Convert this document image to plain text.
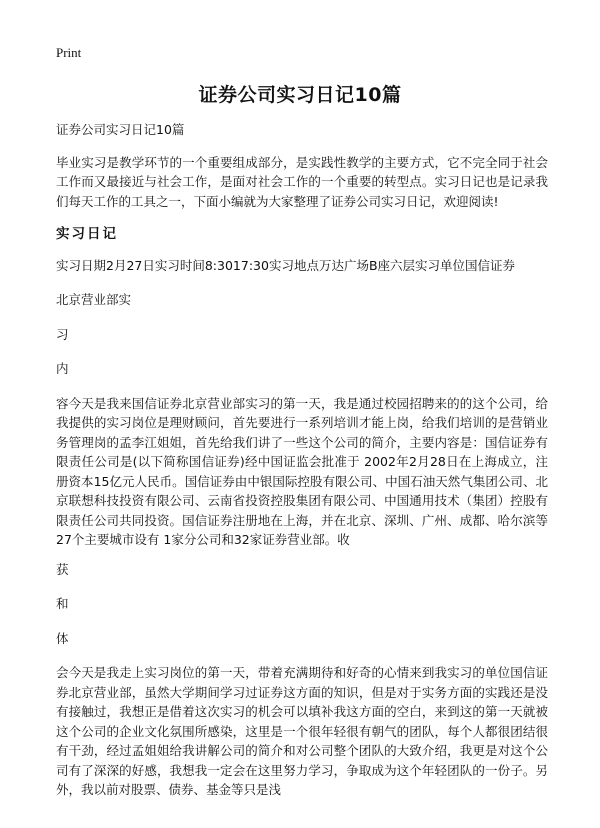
Print
证券公司实习日记10篇

证券公司实习日记10篇

毕业实习是教学环节的一个重要组成部分，是实践性教学的主要方式，它不完全同于社会工作而又最接近与社会工作，是面对社会工作的一个重要的转型点。实习日记也是记录我们每天工作的工具之一，下面小编就为大家整理了证券公司实习日记，欢迎阅读!

实习日记

实习日期2月27日实习时间8:3017:30实习地点万达广场B座六层实习单位国信证券

北京营业部实

习

内

容今天是我来国信证券北京营业部实习的第一天，我是通过校园招聘来的的这个公司，给我提供的实习岗位是理财顾问，首先要进行一系列培训才能上岗，给我们培训的是营销业务管理岗的孟李江姐姐，首先给我们讲了一些这个公司的简介，主要内容是：国信证券有限责任公司是(以下简称国信证券)经中国证监会批准于 2002年2月28日在上海成立，注册资本15亿元人民币。国信证券由中银国际控股有限公司、中国石油天然气集团公司、北京联想科技投资有限公司、云南省投资控股集团有限公司、中国通用技术（集团）控股有限责任公司共同投资。国信证券注册地在上海，并在北京、深圳、广州、成都、哈尔滨等27个主要城市设有 1家分公司和32家证券营业部。收

获

和

体

会今天是我走上实习岗位的第一天，带着充满期待和好奇的心情来到我实习的单位国信证券北京营业部，虽然大学期间学习过证券这方面的知识，但是对于实务方面的实践还是没有接触过，我想正是借着这次实习的机会可以填补我这方面的空白，来到这的第一天就被这个公司的企业文化氛围所感染，这里是一个很年轻很有朝气的团队，每个人都很团结很有干劲，经过孟姐姐给我讲解公司的简介和对公司整个团队的大致介绍，我更是对这个公司有了深深的好感，我想我一定会在这里努力学习，争取成为这个年轻团队的一份子。另外，我以前对股票、债券、基金等只是浅
